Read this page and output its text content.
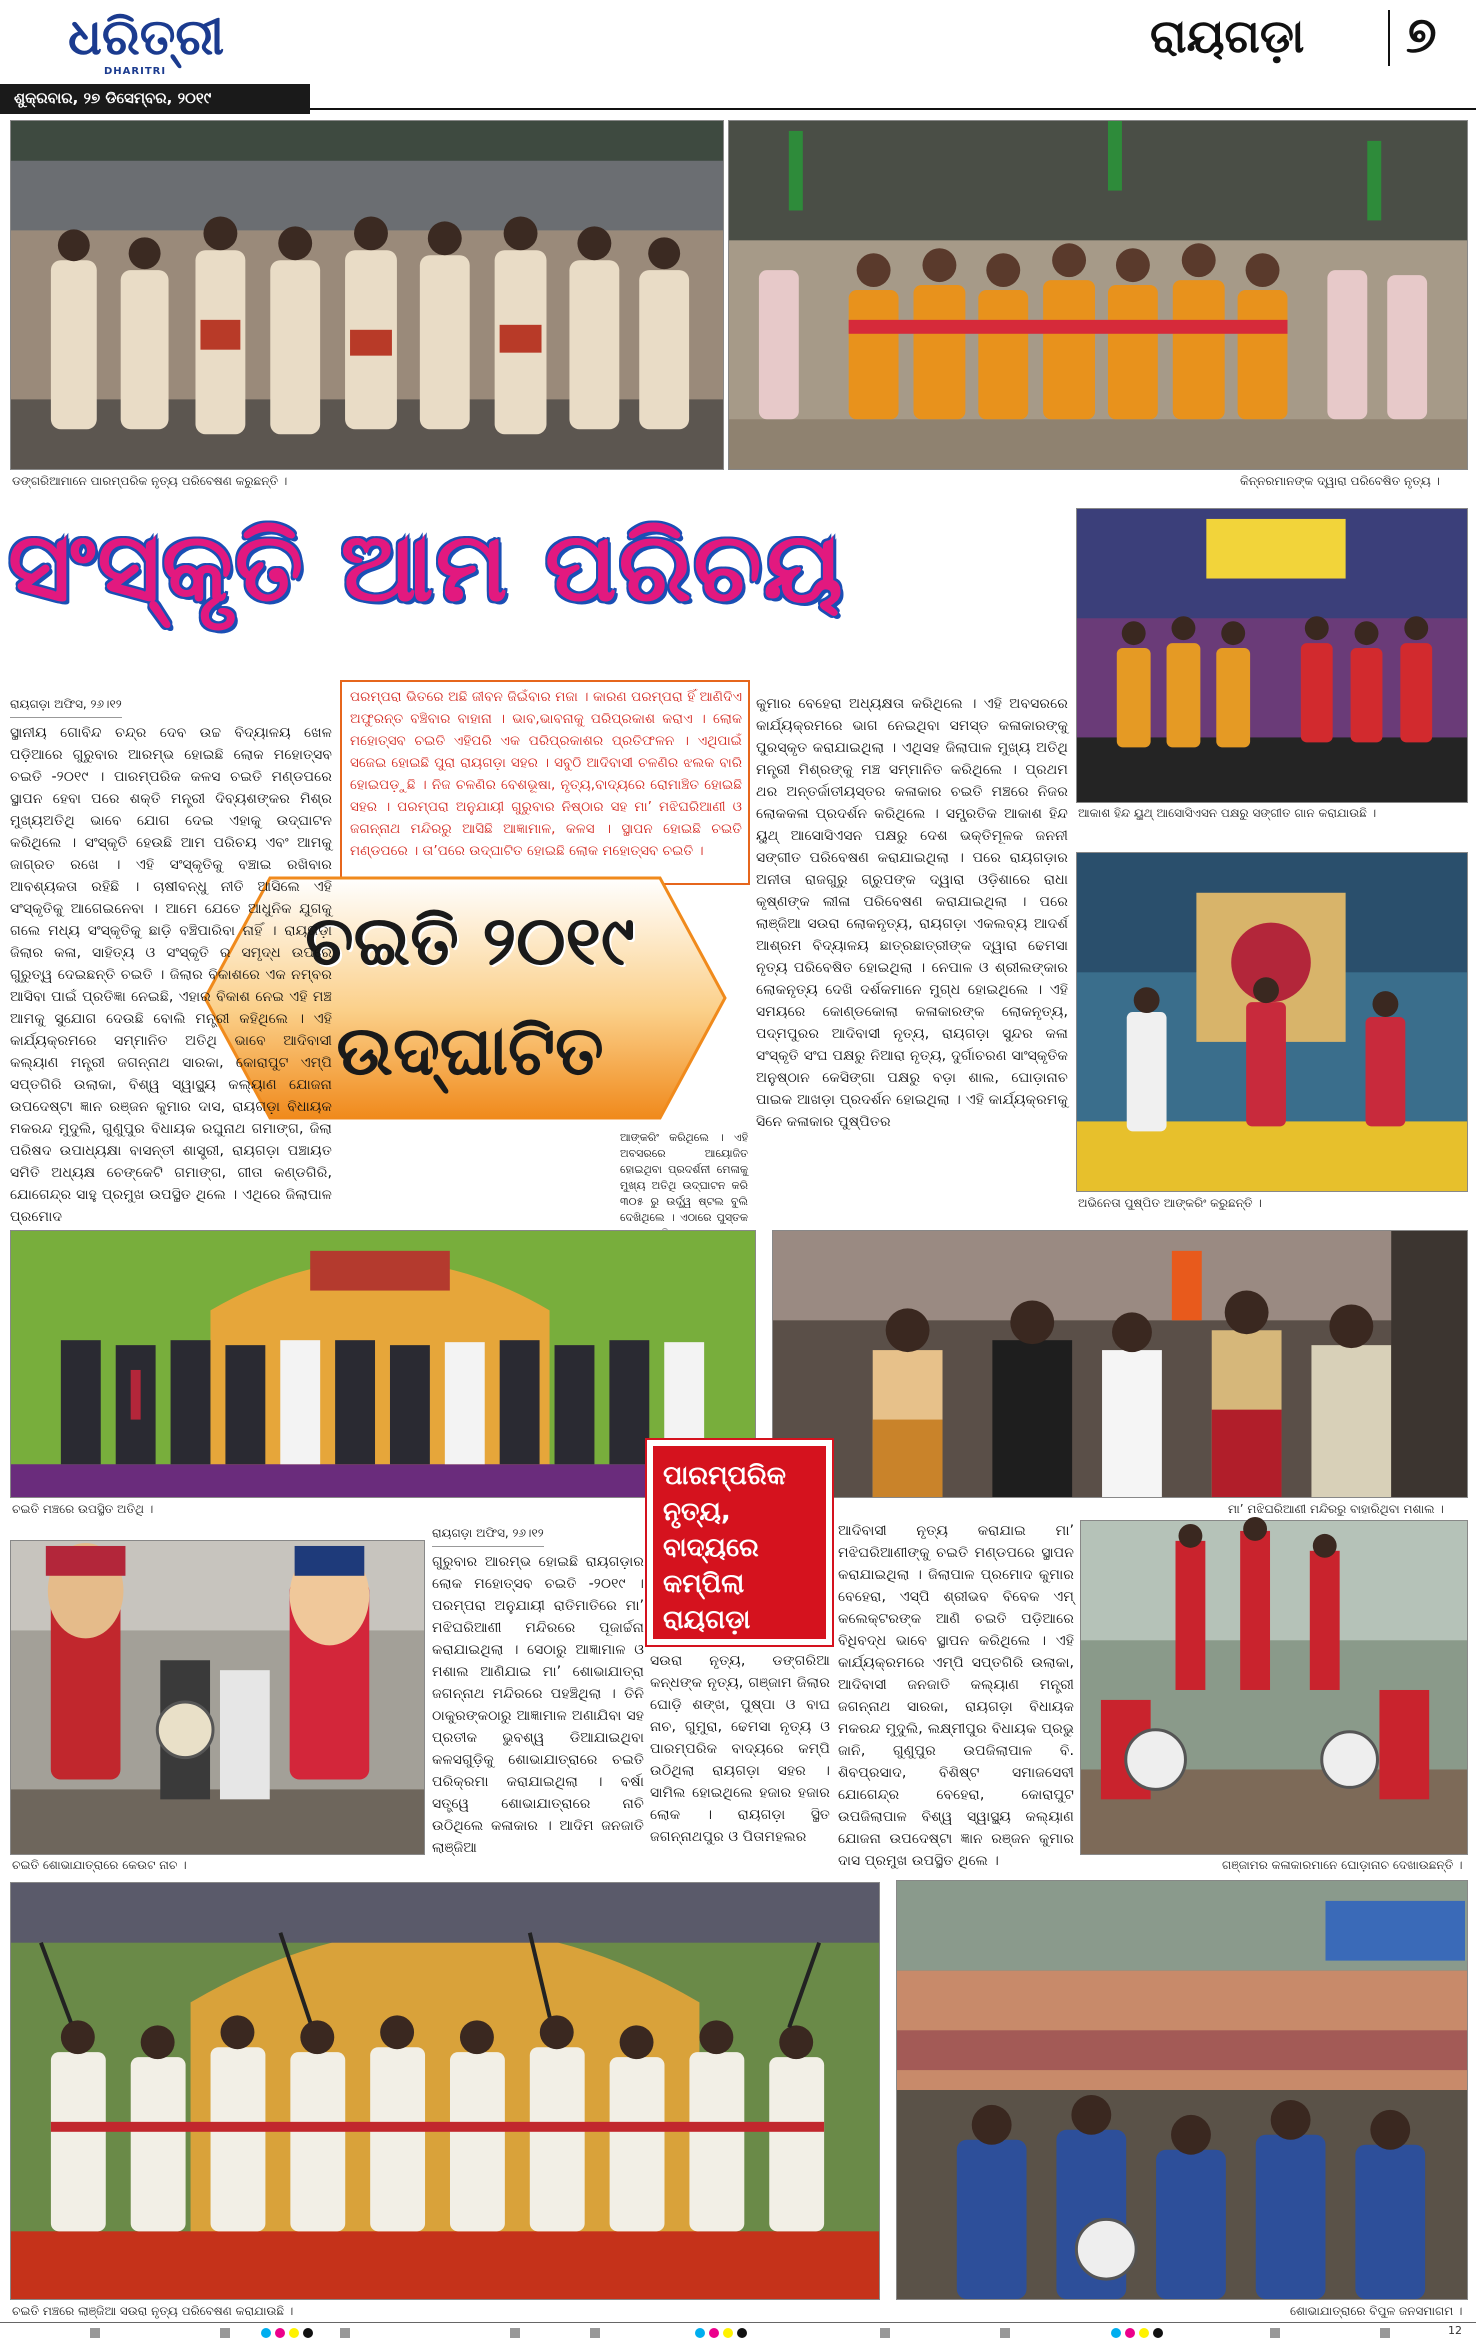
ଧରିତ୍ରୀ
DHARITRI
ଶୁକ୍ରବାର, ୨୭ ଡିସେମ୍ବର, ୨୦୧୯
ରାୟଗଡ଼ା ୭
ଡଙ୍ଗରିଆମାନେ ପାରମ୍ପରିକ ନୃତ୍ୟ ପରିବେଷଣ କରୁଛନ୍ତି ।	କିନ୍ନରମାନଙ୍କ ଦ୍ୱାରା ପରିବେଷିତ ନୃତ୍ୟ ।
ସଂସ୍କୃତି ଆମ ପରିଚୟ
ଆକାଶ ହିନ୍ଦ ୟୁଥ୍ ଆସୋସିଏସନ ପକ୍ଷରୁ ସଙ୍ଗୀତ ଗାନ କରାଯାଉଛି ।
ଅଭିନେତା ପୁଷ୍ପିତ ଆଙ୍କରିଂ କରୁଛନ୍ତି ।
ପରମ୍ପରା ଭିତରେ ଅଛି ଜୀବନ ଜିଇଁବାର ମଜା । କାରଣ ପରମ୍ପରା ହିଁ ଆଣିଦିଏ ଅଫୁରନ୍ତ ବଞ୍ଚିବାର ବାହାନା । ଭାବ,ଭାବନାକୁ ପରିପ୍ରକାଶ କରାଏ । ଲୋକ ମହୋତ୍ସବ ଚଇତି ଏହିପରି ଏକ ପରିପ୍ରକାଶର ପ୍ରତିଫଳନ । ଏଥିପାଇଁ ସଜେଇ ହୋଇଛି ପୁରା ରାୟଗଡ଼ା ସହର । ସବୁଠି ଆଦିବାସୀ ଚଳଣିର ଝଲକ ବାରି ହୋଇପଡ଼ୁଛି । ନିଜ ଚଳଣିର ବେଶଭୂଷା, ନୃତ୍ୟ,ବାଦ୍ୟରେ ରୋମାଞ୍ଚିତ ହୋଇଛି ସହର । ପରମ୍ପରା ଅନୁଯାୟୀ ଗୁରୁବାର ନିଷ୍ଠାର ସହ ମା’ ମଝିଘରିଆଣୀ ଓ ଜଗନ୍ନାଥ ମନ୍ଦିରରୁ ଆସିଛି ଆଜ୍ଞାମାଳ, କଳସ । ସ୍ଥାପନ ହୋଇଛି ଚଇତି ମଣ୍ଡପରେ । ତା’ପରେ ଉଦ୍‌ଘାଟିତ ହୋଇଛି ଲୋକ ମହୋତ୍ସବ ଚଇତି ।
ଚଇତି ୨୦୧୯
ଉଦ୍‌ଘାଟିତ
ରାୟଗଡ଼ା ଅଫିସ, ୨୬।୧୨

ସ୍ଥାନୀୟ ଗୋବିନ୍ଦ ଚନ୍ଦ୍ର ଦେବ ଉଚ୍ଚ ବିଦ୍ୟାଳୟ ଖେଳ ପଡ଼ିଆରେ ଗୁରୁବାର ଆରମ୍ଭ ହୋଇଛି ଲୋକ ମହୋତ୍ସବ ଚଇତି -୨୦୧୯ । ପାରମ୍ପରିକ କଳସ ଚଇତି ମଣ୍ଡପରେ ସ୍ଥାପନ ହେବା ପରେ ଶକ୍ତି ମନ୍ତ୍ରୀ ଦିବ୍ୟଶଙ୍କର ମିଶ୍ର ମୁଖ୍ୟଅତିଥି ଭାବେ ଯୋଗ ଦେଇ ଏହାକୁ ଉଦ୍‌ଘାଟନ କରିଥିଲେ । ସଂସ୍କୃତି ହେଉଛି ଆମ ପରିଚୟ ଏବଂ ଆମକୁ ଜାଗ୍ରତ ରଖେ । ଏହି ସଂସ୍କୃତିକୁ ବଞ୍ଚାଇ ରଖିବାର ଆବଶ୍ୟକତା ରହିଛି । ଚାଷୀବନ୍ଧୁ ନୀତି ଆସିଲେ ଏହି ସଂସ୍କୃତିକୁ ଆଗେଇନେବା । ଆମେ ଯେତେ ଆଧୁନିକ ଯୁଗକୁ ଗଲେ ମଧ୍ୟ ସଂସ୍କୃତିକୁ ଛାଡ଼ି ବଞ୍ଚିପାରିବା ନାହିଁ । ରାୟଗଡ଼ା ଜିଲାର କଳା, ସାହିତ୍ୟ ଓ ସଂସ୍କୃତି ର ସମୃଦ୍ଧ ଉପରେ ଗୁରୁତ୍ୱ ଦେଇଛନ୍ତି ଚଇତି । ଜିଲାର ବିକାଶରେ ଏକ ନମ୍ବର ଆସିବା ପାଇଁ ପ୍ରତିଜ୍ଞା ନେଇଛି, ଏହାର ବିକାଶ ନେଇ ଏହି ମଞ୍ଚ ଆମକୁ ସୁଯୋଗ ଦେଉଛି ବୋଲି ମନ୍ତ୍ରୀ କହିଥିଲେ । ଏହି କାର୍ଯ୍ୟକ୍ରମରେ ସମ୍ମାନିତ ଅତିଥି ଭାବେ ଆଦିବାସୀ କଲ୍ୟାଣ ମନ୍ତ୍ରୀ ଜଗନ୍ନାଥ ସାରକା, କୋରାପୁଟ ଏମ୍‌ପି ସପ୍ତଗିରି ଉଲାକା, ବିଶ୍ୱ ସ୍ୱାସ୍ଥ୍ୟ କଲ୍ୟାଣ ଯୋଜନା ଉପଦେଷ୍ଟା ଜ୍ଞାନ ରଞ୍ଜନ କୁମାର ଦାସ, ରାୟଗଡ଼ା ବିଧାୟକ ମକରନ୍ଦ ମୁଦୁଲି, ଗୁଣୁପୁର ବିଧାୟକ ରଘୁନାଥ ଗମାଙ୍ଗ, ଜିଲା ପରିଷଦ ଉପାଧ୍ୟକ୍ଷା ବାସନ୍ତୀ ଶାସ୍ତ୍ରୀ, ରାୟଗଡ଼ା ପଞ୍ଚାୟତ ସମିତି ଅଧ୍ୟକ୍ଷ ଚେଙ୍କେଟି ଗମାଙ୍ଗ, ଗୀତା କଣ୍ଡଗିରି, ଯୋଗେନ୍ଦ୍ର ସାହୁ ପ୍ରମୁଖ ଉପସ୍ଥିତ ଥିଲେ । ଏଥିରେ ଜିଲାପାଳ ପ୍ରମୋଦ

ଆଙ୍କରିଂ କରିଥିଲେ । ଏହି ଅବସରରେ ଆୟୋଜିତ ହୋଇଥିବା ପ୍ରଦର୍ଶନୀ ମେଳାକୁ ମୁଖ୍ୟ ଅତିଥି ଉଦ୍‌ଘାଟନ କରି ୩୦୫ ରୁ ଉର୍ଦ୍ଧ୍ୱ ଷ୍ଟଲ ବୁଲି ଦେଖିଥିଲେ । ଏଠାରେ ପୁସ୍ତକ
କୁମାର ବେହେରା ଅଧ୍ୟକ୍ଷତା କରିଥିଲେ । ଏହି ଅବସରରେ କାର୍ଯ୍ୟକ୍ରମରେ ଭାଗ ନେଇଥିବା ସମସ୍ତ କଳାକାରଙ୍କୁ ପୁରସ୍କୃତ କରାଯାଇଥିଲା । ଏଥିସହ ଜିଲାପାଳ ମୁଖ୍ୟ ଅତିଥି ମନ୍ତ୍ରୀ ମିଶ୍ରଙ୍କୁ ମଞ୍ଚ ସମ୍ମାନିତ କରିଥିଲେ । ପ୍ରଥମ ଥର ଅନ୍ତର୍ଜାତୀୟସ୍ତର କଳାକାର ଚଇତି ମଞ୍ଚରେ ନିଜର ଲୋକକଳା ପ୍ରଦର୍ଶନ କରିଥିଲେ । ସମ୍ପ୍ରତିକ ଆକାଶ ହିନ୍ଦ ୟୁଥ୍ ଆସୋସିଏସନ ପକ୍ଷରୁ ଦେଶ ଭକ୍ତିମୂଳକ ଜନନୀ ସଙ୍ଗୀତ ପରିବେଷଣ କରାଯାଇଥିଲା । ପରେ ରାୟଗଡ଼ାର ଅନୀତା ରାଜଗୁରୁ ଗ୍ରୁପଙ୍କ ଦ୍ୱାରା ଓଡ଼ିଶାରେ ରାଧା କୃଷ୍ଣଙ୍କ ଲୀଳା ପରିବେଷଣ କରାଯାଇଥିଲା । ପରେ ଲାଞ୍ଜିଆ ସଉରା ଲୋକନୃତ୍ୟ, ରାୟଗଡ଼ା ଏକଲବ୍ୟ ଆଦର୍ଶ ଆଶ୍ରମ ବିଦ୍ୟାଳୟ ଛାତ୍ରଛାତ୍ରୀଙ୍କ ଦ୍ୱାରା ଢେମସା ନୃତ୍ୟ ପରିବେଷିତ ହୋଇଥିଲା । ନେପାଳ ଓ ଶ୍ରୀଲଙ୍କାର ଲୋକନୃତ୍ୟ ଦେଖି ଦର୍ଶକମାନେ ମୁଗ୍ଧ ହୋଇଥିଲେ । ଏହି ସମୟରେ କୋଣ୍ଡକୋଲା କଳାକାରଙ୍କ ଲୋକନୃତ୍ୟ, ପଦ୍ମପୁରର ଆଦିବାସୀ ନୃତ୍ୟ, ରାୟଗଡ଼ା ସୁନ୍ଦର କଳା ସଂସ୍କୃତି ସଂଘ ପକ୍ଷରୁ ନିଆରା ନୃତ୍ୟ, ଦୁର୍ଗାଚରଣ ସାଂସ୍କୃତିକ ଅନୁଷ୍ଠାନ କେସିଙ୍ଗା ପକ୍ଷରୁ ବଡ଼ା ଶାଲ, ଘୋଡ଼ାନାଚ ପାଇକ ଆଖଡ଼ା ପ୍ରଦର୍ଶନ ହୋଇଥିଲା । ଏହି କାର୍ଯ୍ୟକ୍ରମକୁ ସିନେ କଳାକାର ପୁଷ୍ପିତର
ଚଇତି ମଞ୍ଚରେ ଉପସ୍ଥିତ ଅତିଥି ।	ମା’ ମଝିଘରିଆଣୀ ମନ୍ଦିରରୁ ବାହାରିଥିବା ମଶାଲ ।
ପାରମ୍ପରିକ
ନୃତ୍ୟ,
ବାଦ୍ୟରେ
କମ୍ପିଲା
ରାୟଗଡ଼ା
ଚଇତି ଶୋଭାଯାତ୍ରାରେ କେଉଟ ନାଚ ।
ରାୟଗଡ଼ା ଅଫିସ, ୨୬।୧୨

ଗୁରୁବାର ଆରମ୍ଭ ହୋଇଛି ରାୟଗଡ଼ାର ଲୋକ ମହୋତ୍ସବ ଚଇତି -୨୦୧୯ । ପରମ୍ପରା ଅନୁଯାୟୀ ରାତିମାତିରେ ମା’ ମଝିଘରିଆଣୀ ମନ୍ଦିରରେ ପୂଜାର୍ଚ୍ଚନା କରାଯାଇଥିଲା । ସେଠାରୁ ଆଜ୍ଞାମାଳ ଓ ମଶାଲ ଆଣିଯାଇ ମା’ ଶୋଭାଯାତ୍ରା ଜଗନ୍ନାଥ ମନ୍ଦିରରେ ପହଞ୍ଚିଥିଲା । ତିନି ଠାକୁରଙ୍କଠାରୁ ଆଜ୍ଞାମାଳ ଅଣାଯିବା ସହ ପ୍ରତୀକ ଭୁବଶ୍ୱ ଡିଆଯାଇଥିବା କଳସଗୁଡ଼ିକୁ ଶୋଭାଯାତ୍ରାରେ ଚଇତି ପରିକ୍ରମା କରାଯାଇଥିଲା । ବର୍ଷା ସତ୍ତ୍ୱେ ଶୋଭାଯାତ୍ରାରେ ନାଚି ଉଠିଥିଲେ କଳାକାର । ଆଦିମ ଜନଜାତି ଲାଞ୍ଜିଆ

ସଉରା ନୃତ୍ୟ, ଡଙ୍ଗରିଆ କନ୍ଧଙ୍କ ନୃତ୍ୟ, ଗଞ୍ଜାମ ଜିଲାର ଘୋଡ଼ି ଶଙ୍ଖ, ପୁଷ୍ପା ଓ ବାଘ ନାଚ, ଗୁମୁରା, ଢେମସା ନୃତ୍ୟ ଓ ପାରମ୍ପରିକ ବାଦ୍ୟରେ କମ୍ପି ଉଠିଥିଲା ରାୟଗଡ଼ା ସହର । ସାମିଲ ହୋଇଥିଲେ ହଜାର ହଜାର ଲୋକ । ରାୟଗଡ଼ା ସ୍ଥିତ ଜଗନ୍ନାଥପୁର ଓ ପିତାମହଲର
ଆଦିବାସୀ ନୃତ୍ୟ କରାଯାଇ ମା’ ମଝିଘରିଆଣୀଙ୍କୁ ଚଇତି ମଣ୍ଡପରେ ସ୍ଥାପନ କରାଯାଇଥିଲା । ଜିଲାପାଳ ପ୍ରମୋଦ କୁମାର ବେହେରା, ଏସ୍‌ପି ଶ୍ରୀଭବ ବିବେକ ଏମ୍ କଲେକ୍ଟରଙ୍କ ଆଣି ଚଇତି ପଡ଼ିଆରେ ବିଧିବଦ୍ଧ ଭାବେ ସ୍ଥାପନ କରିଥିଲେ । ଏହି କାର୍ଯ୍ୟକ୍ରମରେ ଏମ୍‌ପି ସପ୍ତଗିରି ଉଲାକା, ଆଦିବାସୀ ଜନଜାତି କଲ୍ୟାଣ ମନ୍ତ୍ରୀ ଜଗନ୍ନାଥ ସାରକା, ରାୟଗଡ଼ା ବିଧାୟକ ମକରନ୍ଦ ମୁଦୁଲି, ଲକ୍ଷ୍ମୀପୁର ବିଧାୟକ ପ୍ରଭୁ ଜାନି, ଗୁଣୁପୁର ଉପଜିଲାପାଳ ବି. ଶିବପ୍ରସାଦ, ବିଶିଷ୍ଟ ସମାଜସେବୀ ଯୋଗେନ୍ଦ୍ର ବେହେରା, କୋରାପୁଟ ଉପଜିଲାପାଳ ବିଶ୍ୱ ସ୍ୱାସ୍ଥ୍ୟ କଲ୍ୟାଣ ଯୋଜନା ଉପଦେଷ୍ଟା ଜ୍ଞାନ ରଞ୍ଜନ କୁମାର ଦାସ ପ୍ରମୁଖ ଉପସ୍ଥିତ ଥିଲେ ।	ଗଞ୍ଜାମର କଳାକାରମାନେ ଘୋଡ଼ାନାଚ ଦେଖାଉଛନ୍ତି ।
ଚଇତି ମଞ୍ଚରେ ଲାଞ୍ଜିଆ ସଉରା ନୃତ୍ୟ ପରିବେଷଣ କରାଯାଉଛି ।	ଶୋଭାଯାତ୍ରାରେ ବିପୁଳ ଜନସମାଗମ ।
12
